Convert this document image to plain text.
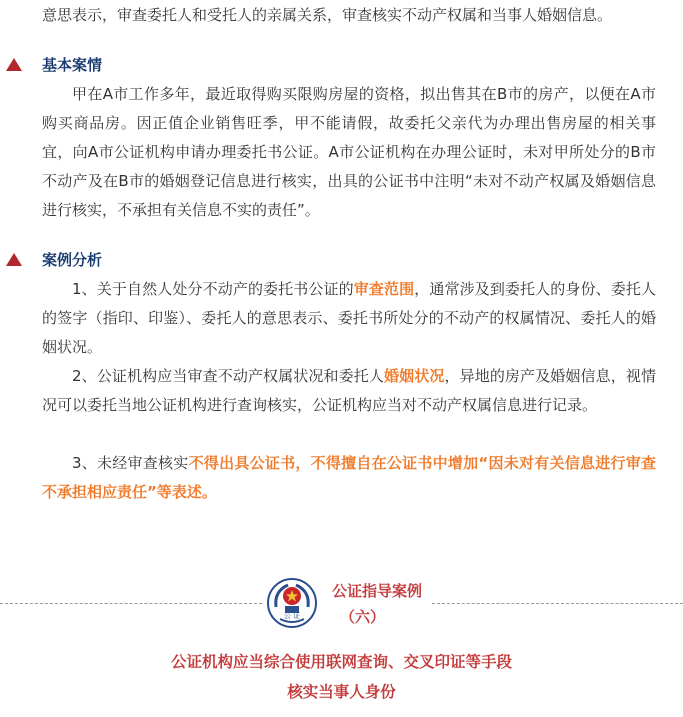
意思表示，审查委托人和受托人的亲属关系，审查核实不动产权属和当事人婚姻信息。

基本案情

甲在A市工作多年，最近取得购买限购房屋的资格，拟出售其在B市的房产，以便在A市购买商品房。因正值企业销售旺季，甲不能请假，故委托父亲代为办理出售房屋的相关事宜，向A市公证机构申请办理委托书公证。A市公证机构在办理公证时，未对甲所处分的B市不动产及在B市的婚姻登记信息进行核实，出具的公证书中注明“未对不动产权属及婚姻信息进行核实，不承担有关信息不实的责任”。

案例分析

1、关于自然人处分不动产的委托书公证的审查范围，通常涉及到委托人的身份、委托人的签字（指印、印鉴）、委托人的意思表示、委托书所处分的不动产的权属情况、委托人的婚姻状况。

2、公证机构应当审查不动产权属状况和委托人婚姻状况，异地的房产及婚姻信息，视情况可以委托当地公证机构进行查询核实，公证机构应当对不动产权属信息进行记录。

3、未经审查核实不得出具公证书，不得擅自在公证书中增加“因未对有关信息进行审查不承担相应责任”等表述。

公 证
公证指导案例
（六）
公证机构应当综合使用联网查询、交叉印证等手段
核实当事人身份
